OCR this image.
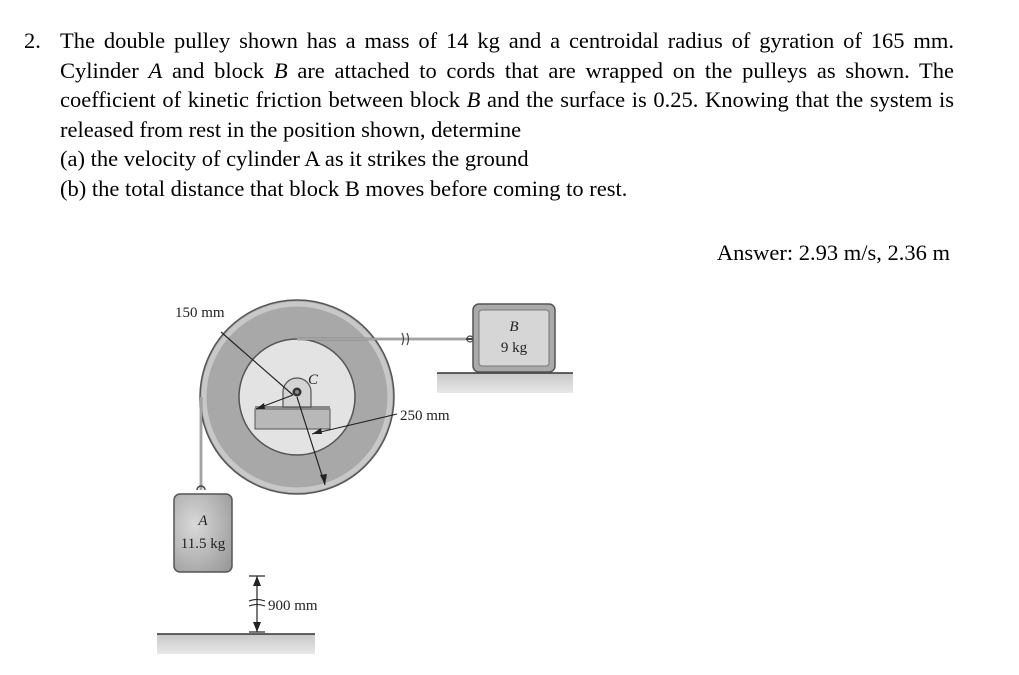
2. The double pulley shown has a mass of 14 kg and a centroidal radius of gyration of 165 mm. Cylinder A and block B are attached to cords that are wrapped on the pulleys as shown. The coefficient of kinetic friction between block B and the surface is 0.25. Knowing that the system is released from rest in the position shown, determine
(a) the velocity of cylinder A as it strikes the ground
(b) the total distance that block B moves before coming to rest.
Answer: 2.93 m/s, 2.36 m
150 mm
250 mm
C
B
9 kg
A
11.5 kg
900 mm
